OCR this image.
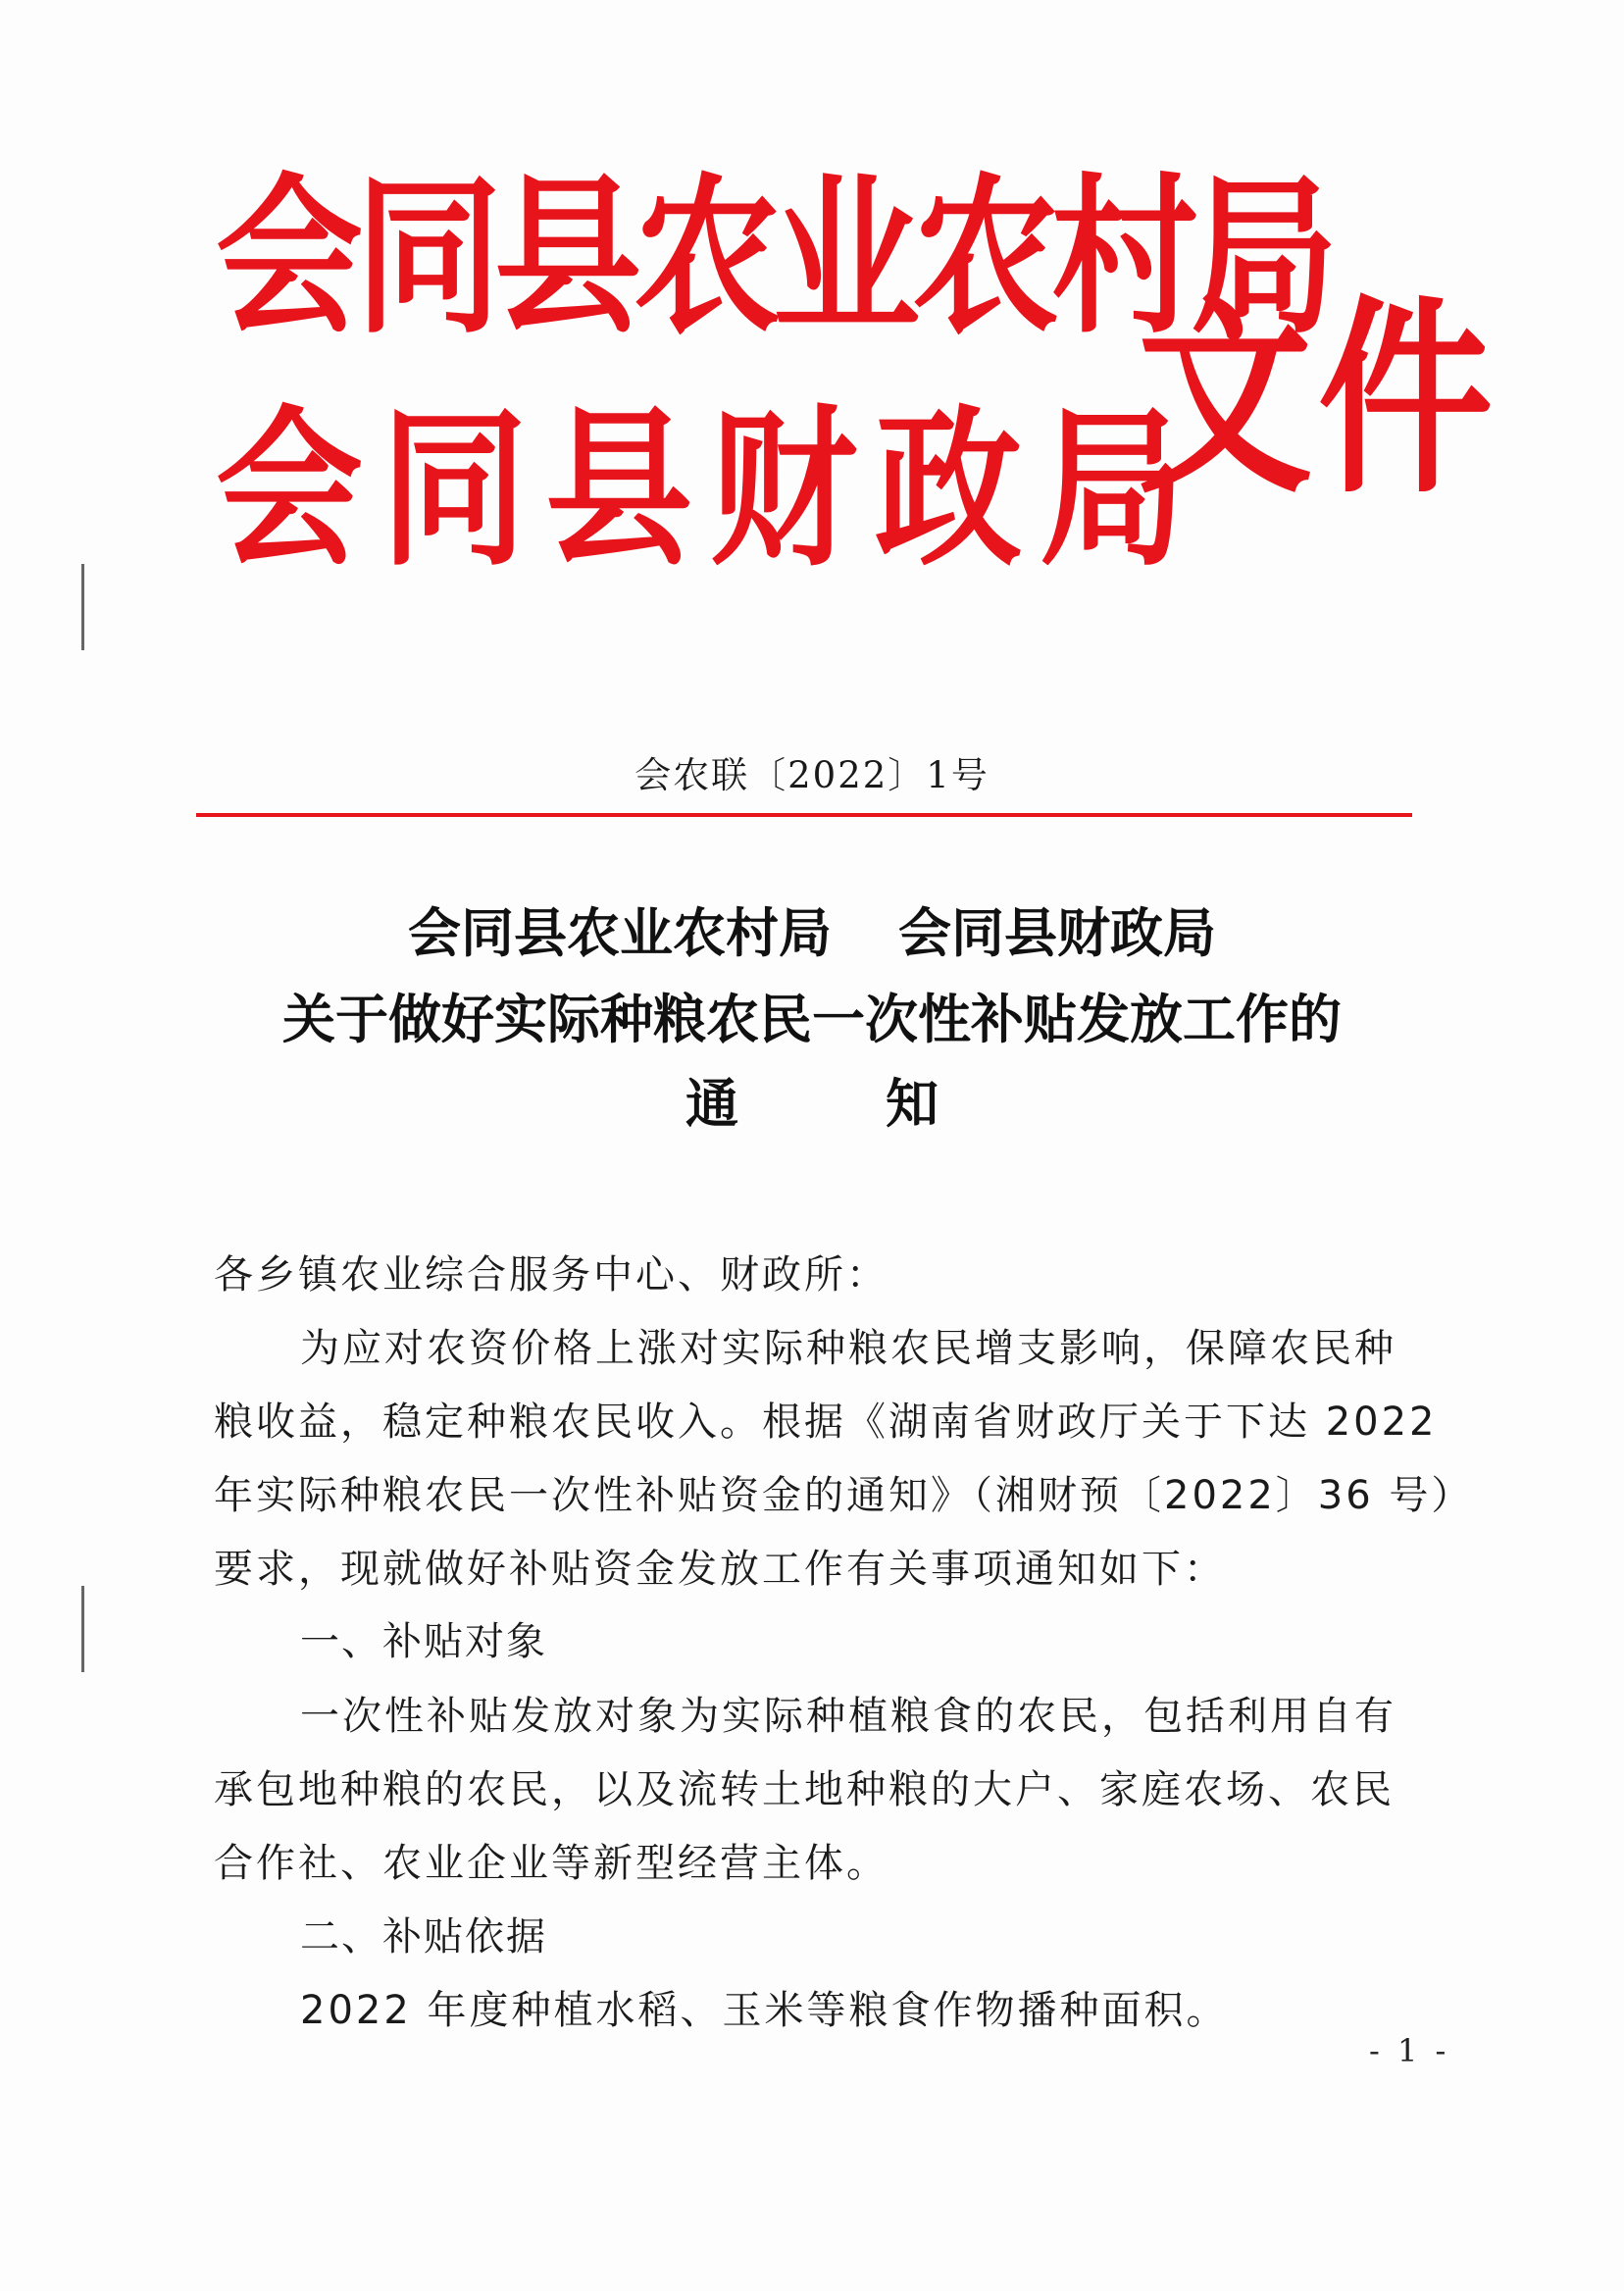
会同县农业农村局
会同县财政局
文件
会农联〔2022〕1号
会同县农业农村局 会同县财政局
关于做好实际种粮农民一次性补贴发放工作的
通	知
各乡镇农业综合服务中心、财政所：
为应对农资价格上涨对实际种粮农民增支影响，保障农民种
粮收益，稳定种粮农民收入。根据《湖南省财政厅关于下达 2022
年实际种粮农民一次性补贴资金的通知》（湘财预〔2022〕36 号）
要求，现就做好补贴资金发放工作有关事项通知如下：
一、补贴对象
一次性补贴发放对象为实际种植粮食的农民，包括利用自有
承包地种粮的农民，以及流转土地种粮的大户、家庭农场、农民
合作社、农业企业等新型经营主体。
二、补贴依据
2022 年度种植水稻、玉米等粮食作物播种面积。
- 1 -
